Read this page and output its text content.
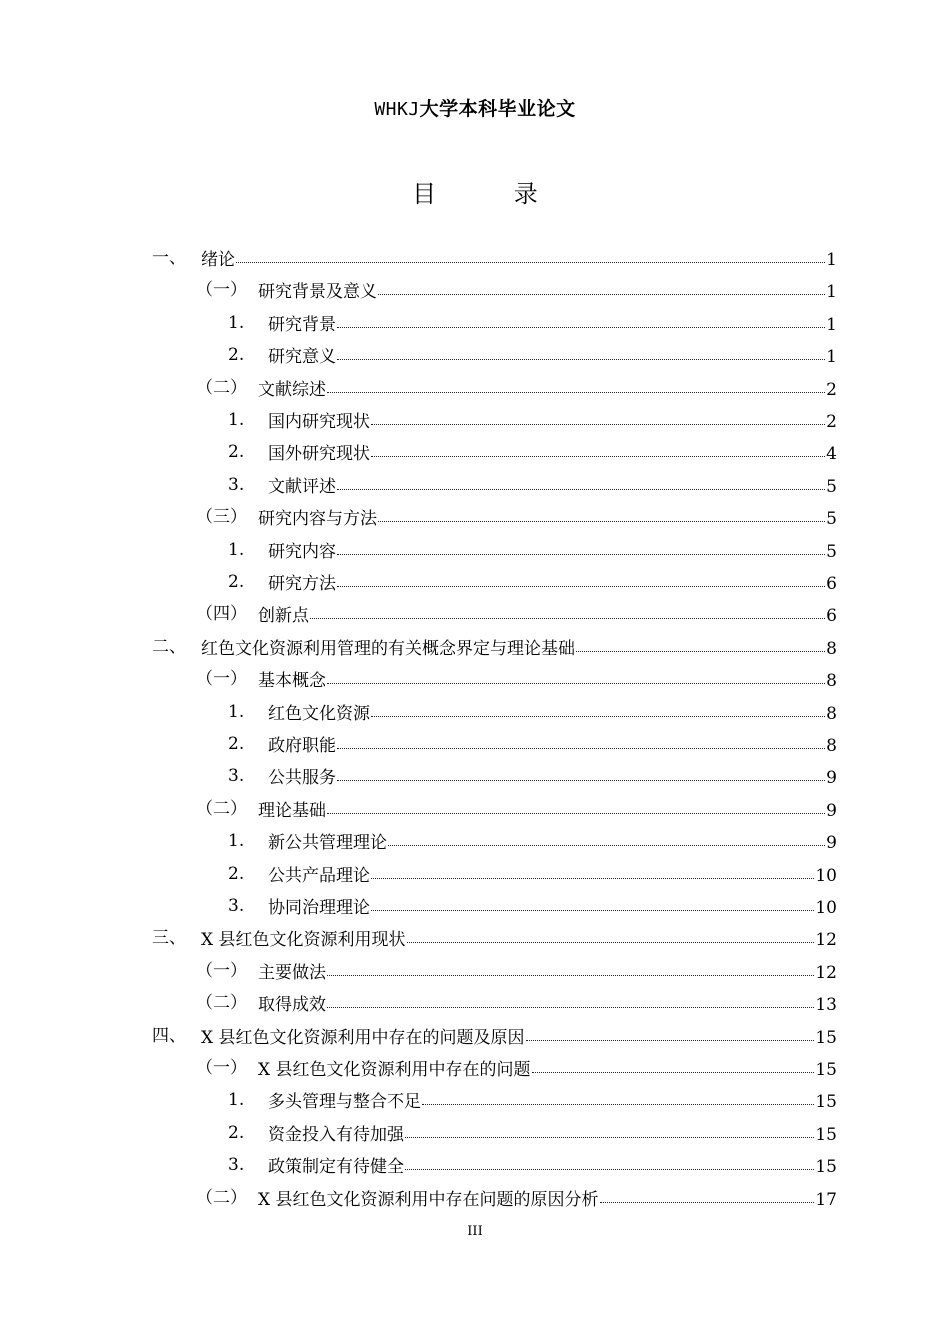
WHKJ大学本科毕业论文
目 录
一、 绪论	1
（一） 研究背景及意义	1
1. 研究背景	1
2. 研究意义	1
（二） 文献综述	2
1. 国内研究现状	2
2. 国外研究现状	4
3. 文献评述	5
（三） 研究内容与方法	5
1. 研究内容	5
2. 研究方法	6
（四） 创新点	6
二、 红色文化资源利用管理的有关概念界定与理论基础	8
（一） 基本概念	8
1. 红色文化资源	8
2. 政府职能	8
3. 公共服务	9
（二） 理论基础	9
1. 新公共管理理论	9
2. 公共产品理论	10
3. 协同治理理论	10
三、 X 县红色文化资源利用现状	12
（一） 主要做法	12
（二） 取得成效	13
四、 X 县红色文化资源利用中存在的问题及原因	15
（一） X 县红色文化资源利用中存在的问题	15
1. 多头管理与整合不足	15
2. 资金投入有待加强	15
3. 政策制定有待健全	15
（二） X 县红色文化资源利用中存在问题的原因分析	17
III
